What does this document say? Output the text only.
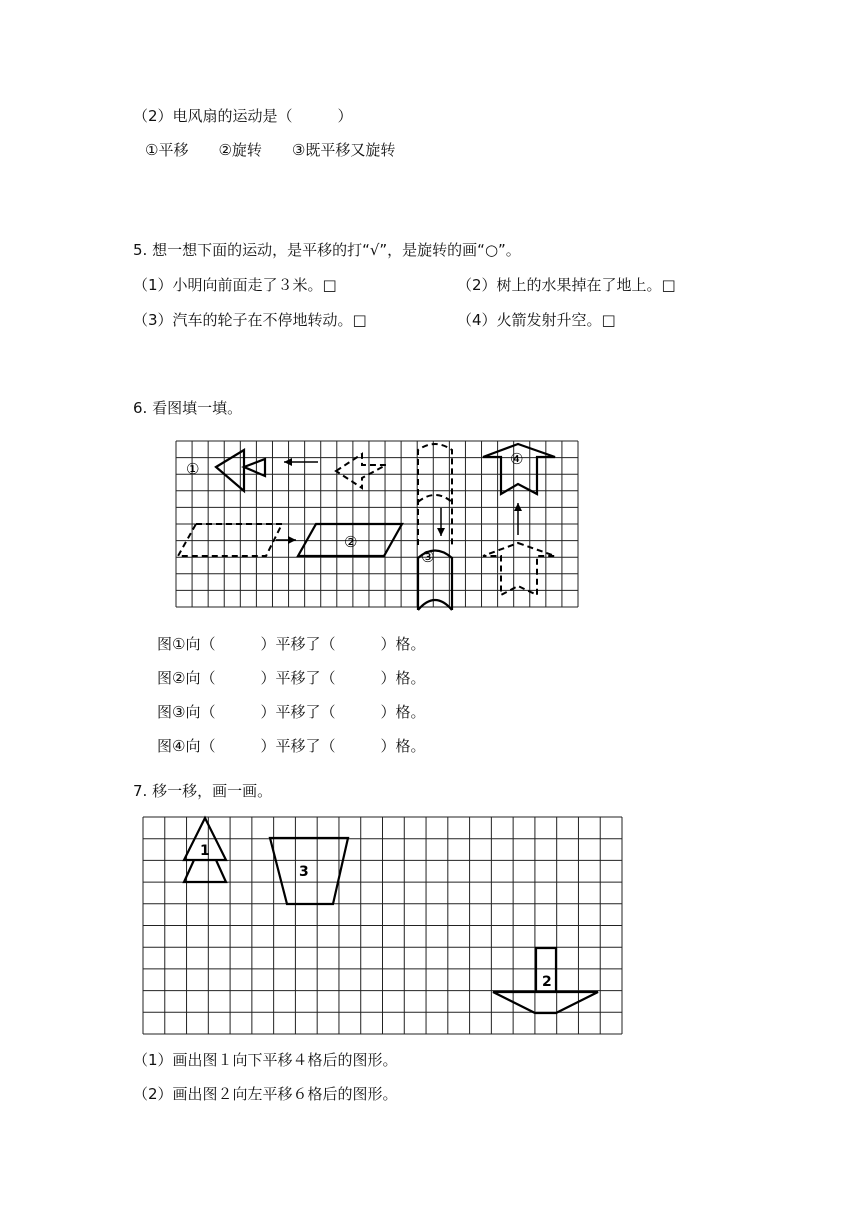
（2）电风扇的运动是（　　　）
①平移　　②旋转　　③既平移又旋转
5. 想一想下面的运动，是平移的打“√”，是旋转的画“○”。
（1）小明向前面走了３米。□	（2）树上的水果掉在了地上。□
（3）汽车的轮子在不停地转动。□	（4）火箭发射升空。□
6. 看图填一填。
①
③
②
④
图①向（　　　）平移了（　　　）格。
图②向（　　　）平移了（　　　）格。
图③向（　　　）平移了（　　　）格。
图④向（　　　）平移了（　　　）格。
7. 移一移，画一画。
1
3
2
（1）画出图１向下平移４格后的图形。
（2）画出图２向左平移６格后的图形。
